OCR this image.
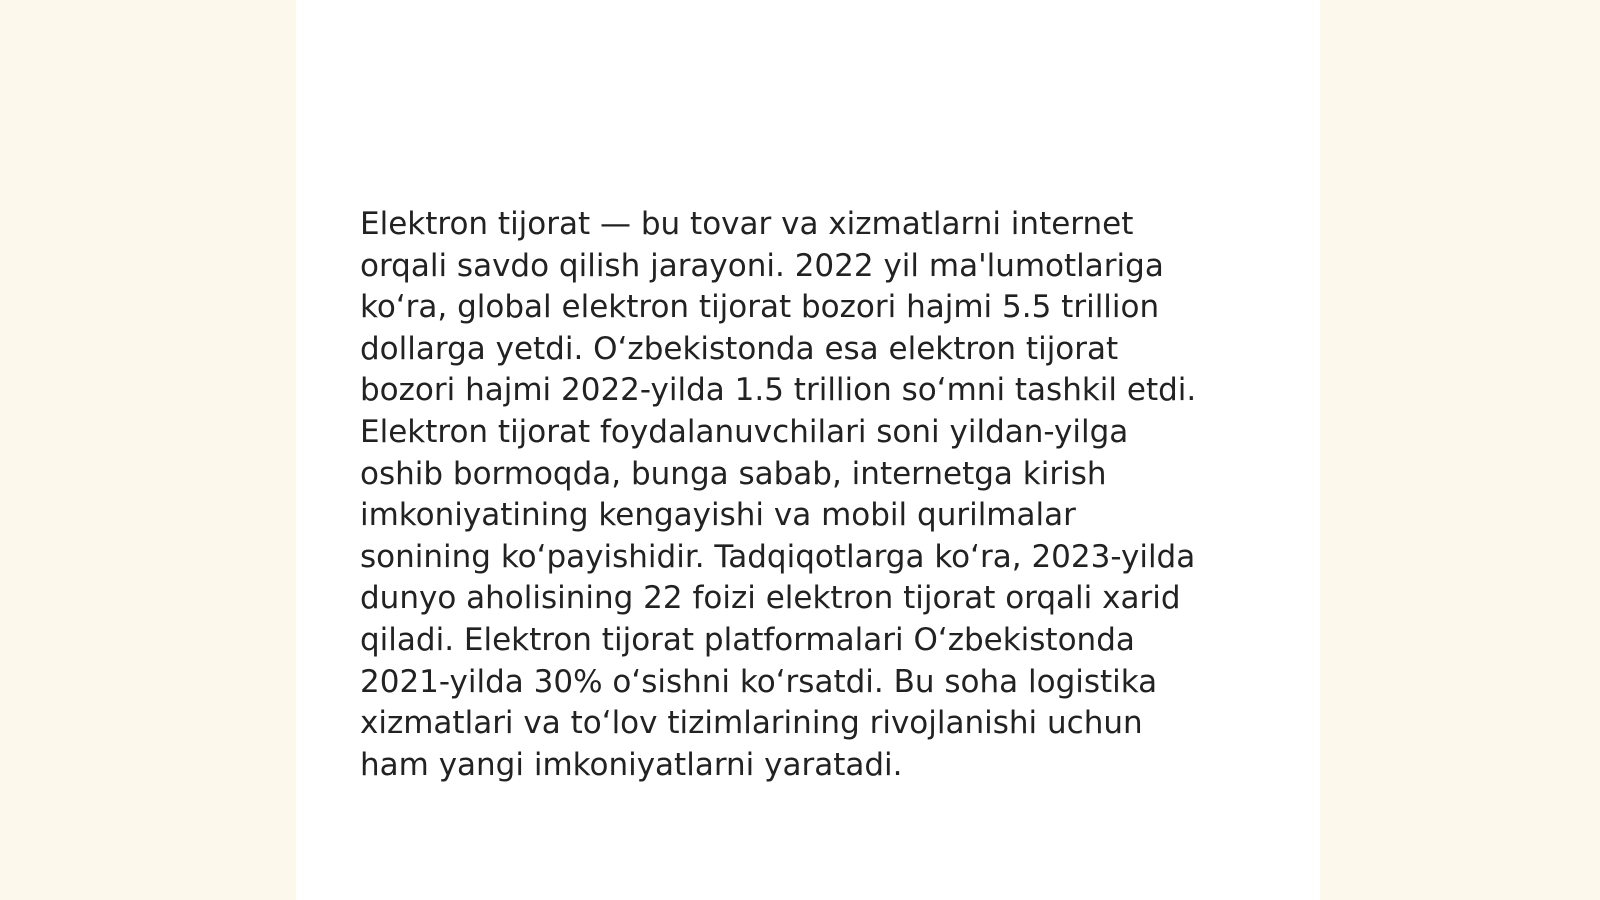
Elektron tijorat — bu tovar va xizmatlarni internet
orqali savdo qilish jarayoni. 2022 yil ma'lumotlariga
koʻra, global elektron tijorat bozori hajmi 5.5 trillion
dollarga yetdi. Oʻzbekistonda esa elektron tijorat
bozori hajmi 2022-yilda 1.5 trillion soʻmni tashkil etdi.
Elektron tijorat foydalanuvchilari soni yildan-yilga
oshib bormoqda, bunga sabab, internetga kirish
imkoniyatining kengayishi va mobil qurilmalar
sonining koʻpayishidir. Tadqiqotlarga koʻra, 2023-yilda
dunyo aholisining 22 foizi elektron tijorat orqali xarid
qiladi. Elektron tijorat platformalari Oʻzbekistonda
2021-yilda 30% oʻsishni koʻrsatdi. Bu soha logistika
xizmatlari va toʻlov tizimlarining rivojlanishi uchun
ham yangi imkoniyatlarni yaratadi.
